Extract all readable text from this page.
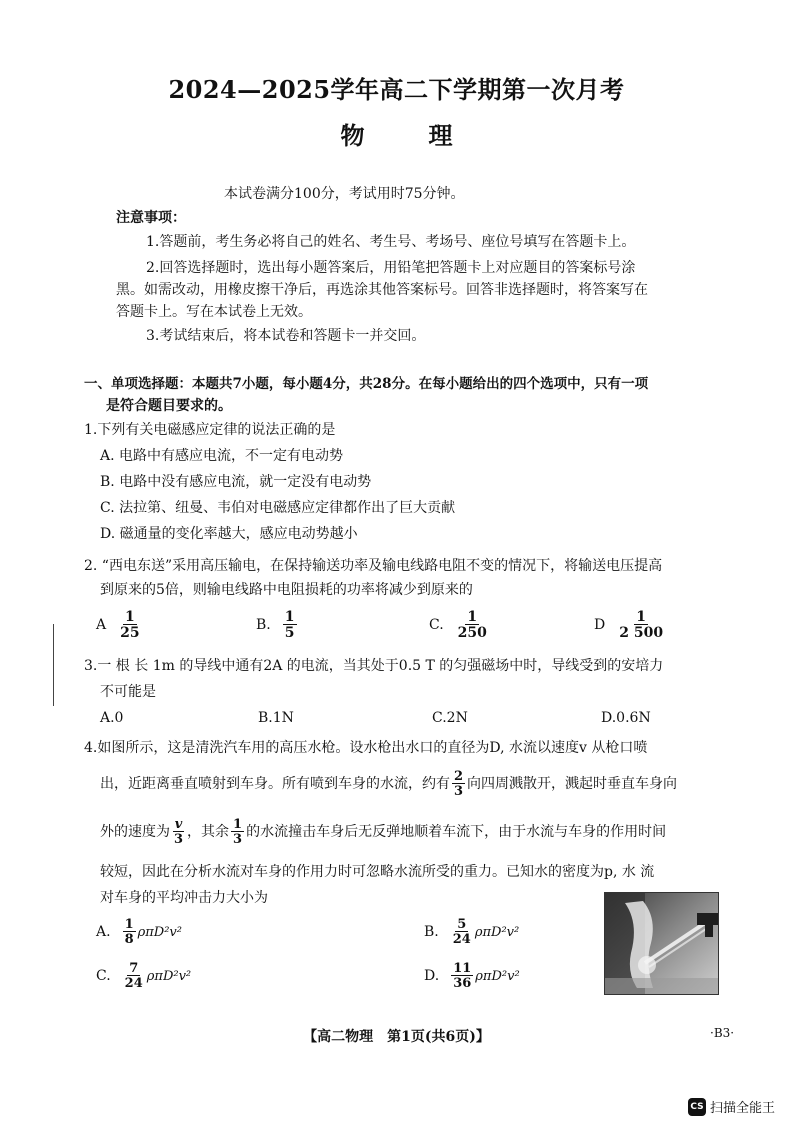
2024—2025学年高二下学期第一次月考
物	理
本试卷满分100分，考试用时75分钟。
注意事项：
1.答题前，考生务必将自己的姓名、考生号、考场号、座位号填写在答题卡上。
2.回答选择题时，选出每小题答案后，用铅笔把答题卡上对应题目的答案标号涂
黑。如需改动，用橡皮擦干净后，再选涂其他答案标号。回答非选择题时，将答案写在
答题卡上。写在本试卷上无效。
3.考试结束后，将本试卷和答题卡一并交回。
一、单项选择题：本题共7小题，每小题4分，共28分。在每小题给出的四个选项中，只有一项
是符合题目要求的。
1.下列有关电磁感应定律的说法正确的是
A. 电路中有感应电流，不一定有电动势
B. 电路中没有感应电流，就一定没有电动势
C. 法拉第、纽曼、韦伯对电磁感应定律都作出了巨大贡献
D. 磁通量的变化率越大，感应电动势越小
2. “西电东送”采用高压输电，在保持输送功率及输电线路电阻不变的情况下，将输送电压提高
到原来的5倍，则输电线路中电阻损耗的功率将减少到原来的
A $\frac{1}{25}$	B. $\frac{1}{5}$	C. $\frac{1}{250}$	D $\frac{1}{2 500}$
3.一 根 长 1m 的导线中通有2A 的电流，当其处于0.5 T 的匀强磁场中时，导线受到的安培力
不可能是
A.0	B.1N	C.2N	D.0.6N
4.如图所示，这是清洗汽车用的高压水枪。设水枪出水口的直径为D, 水流以速度v 从枪口喷
出，近距离垂直喷射到车身。所有喷到车身的水流，约有 $\frac{2}{3}$ 向四周溅散开，溅起时垂直车身向
外的速度为 $\frac{v}{3}$ ，其余 $\frac{1}{3}$ 的水流撞击车身后无反弹地顺着车流下，由于水流与车身的作用时间
较短，因此在分析水流对车身的作用力时可忽略水流所受的重力。已知水的密度为p, 水 流
对车身的平均冲击力大小为
A. $\frac{1}{8} \rho\pi D^2v^2$	B. $\frac{5}{24} \rho\pi D^2v^2$
C. $\frac{7}{24} \rho\pi D^2v^2$	D. $\frac{11}{36} \rho\pi D^2v^2$
【高二物理　第1页(共6页)】	·B3·
CS 扫描全能王
